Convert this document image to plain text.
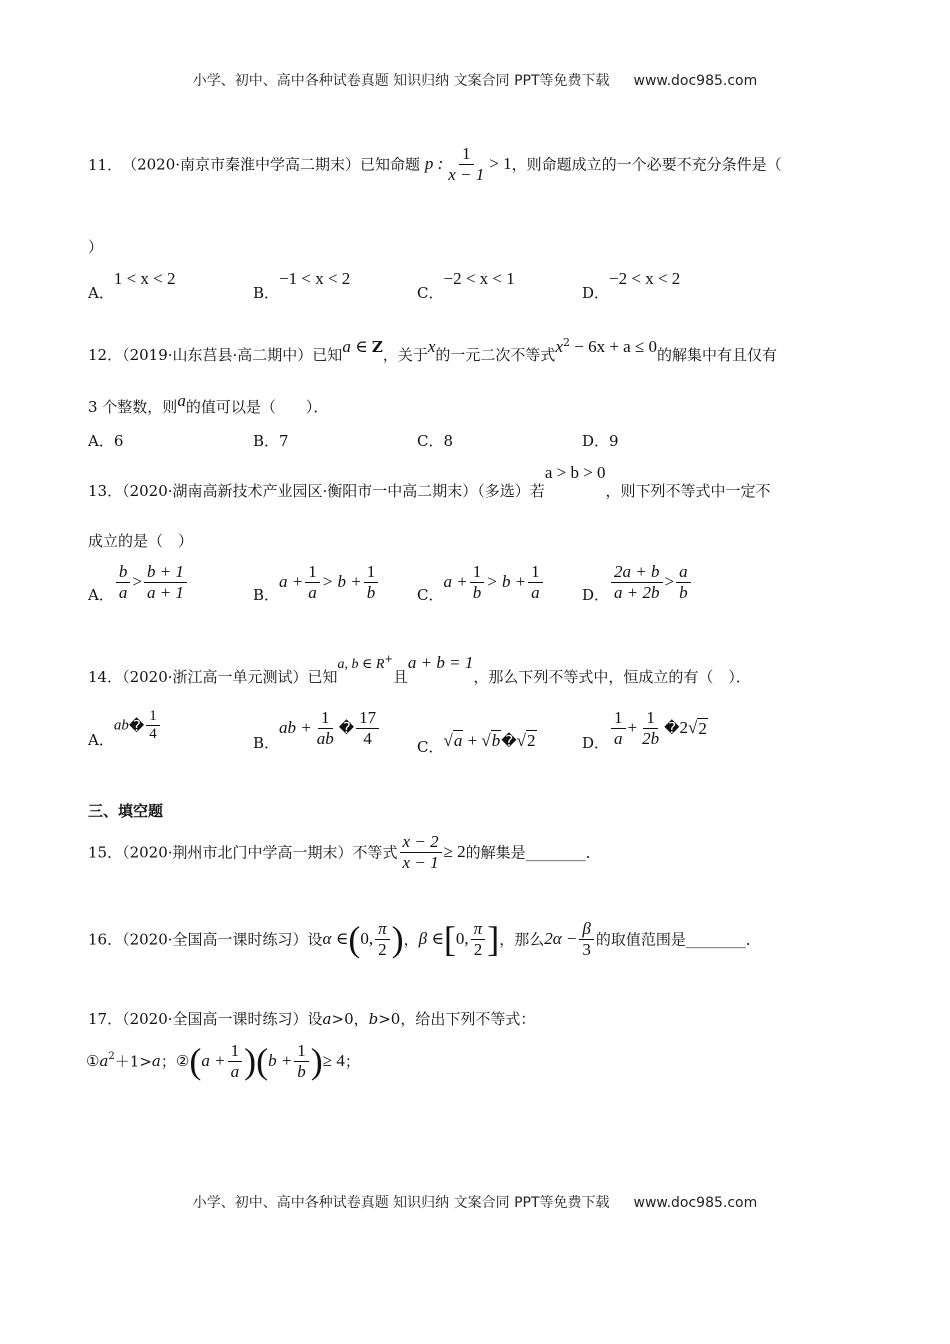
小学、初中、高中各种试卷真题 知识归纳 文案合同 PPT等免费下载 www.doc985.com
11．（2020·南京市秦淮中学高二期末）已知命题 p : $\frac{1}{x - 1} > 1$，则命题成立的一个必要不充分条件是（
）
A．1 < x < 2
B．−1 < x < 2
C．−2 < x < 1
D．−2 < x < 2
12．（2019·山东莒县·高二期中）已知a ∈ Z，关于x的一元二次不等式$x^2 - 6x + a \le 0$的解集中有且仅有
3 个整数，则a的值可以是（　　）．
A．6	B．7	C．8	D．9
13．（2020·湖南高新技术产业园区·衡阳市一中高二期末）（多选）若a > b > 0，则下列不等式中一定不
成立的是（　）
A． $\frac{b}{a} > \frac{b + 1}{a + 1}$	B．$a + \frac{1}{a} > b + \frac{1}{b}$	C．$a + \frac{1}{b} > b + \frac{1}{a}$	D． $\frac{2a + b}{a + 2b} > \frac{a}{b}$
14．（2020·浙江高一单元测试）已知a, b ∈ R+且a + b = 1，那么下列不等式中，恒成立的有（　）．
A．ab� $\frac{1}{4}$	B．ab + $\frac{1}{ab}$ � $\frac{17}{4}$	C．√a + √b�√2	D． $\frac{1}{a} + \frac{1}{2b}$ �2√2
三、填空题
15．（2020·荆州市北门中学高一期末）不等式 $\frac{x - 2}{x - 1} \ge 2$的解集是________．
16．（2020·全国高一课时练习）设α ∈(0, $\frac{\pi}{2}$ )，β ∈[0, $\frac{\pi}{2}$ ]，那么$2\alpha - \frac{\beta}{3}$ 的取值范围是________．
17．（2020·全国高一课时练习）设a>0，b>0，给出下列不等式：
$①a^2+1>a$；②(a + $\frac{1}{a} )(b + \frac{1}{b}$ )≥ 4；
小学、初中、高中各种试卷真题 知识归纳 文案合同 PPT等免费下载 www.doc985.com
